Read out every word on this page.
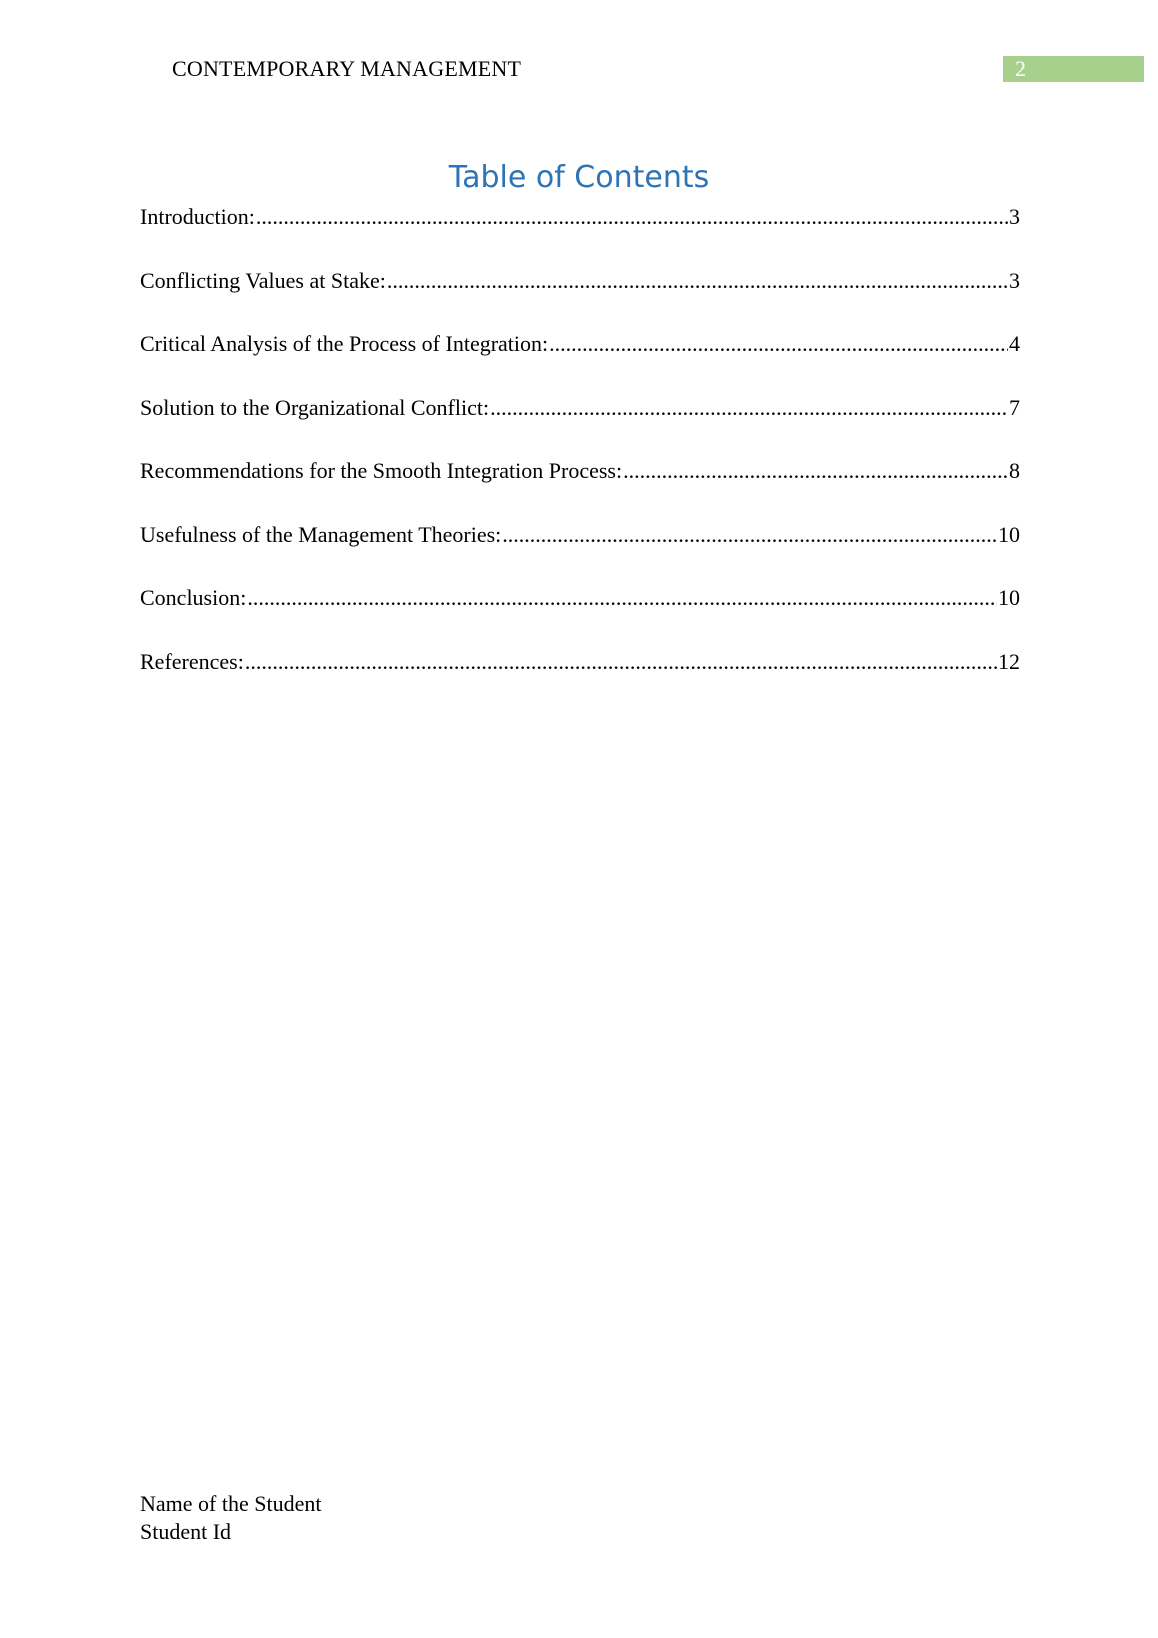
CONTEMPORARY MANAGEMENT	2
Table of Contents
Introduction: .....	3
Conflicting Values at Stake: .....	3
Critical Analysis of the Process of Integration: .....	4
Solution to the Organizational Conflict: .....	7
Recommendations for the Smooth Integration Process: .....	8
Usefulness of the Management Theories: .....	10
Conclusion: .....	10
References: .....	12
Name of the Student
Student Id
